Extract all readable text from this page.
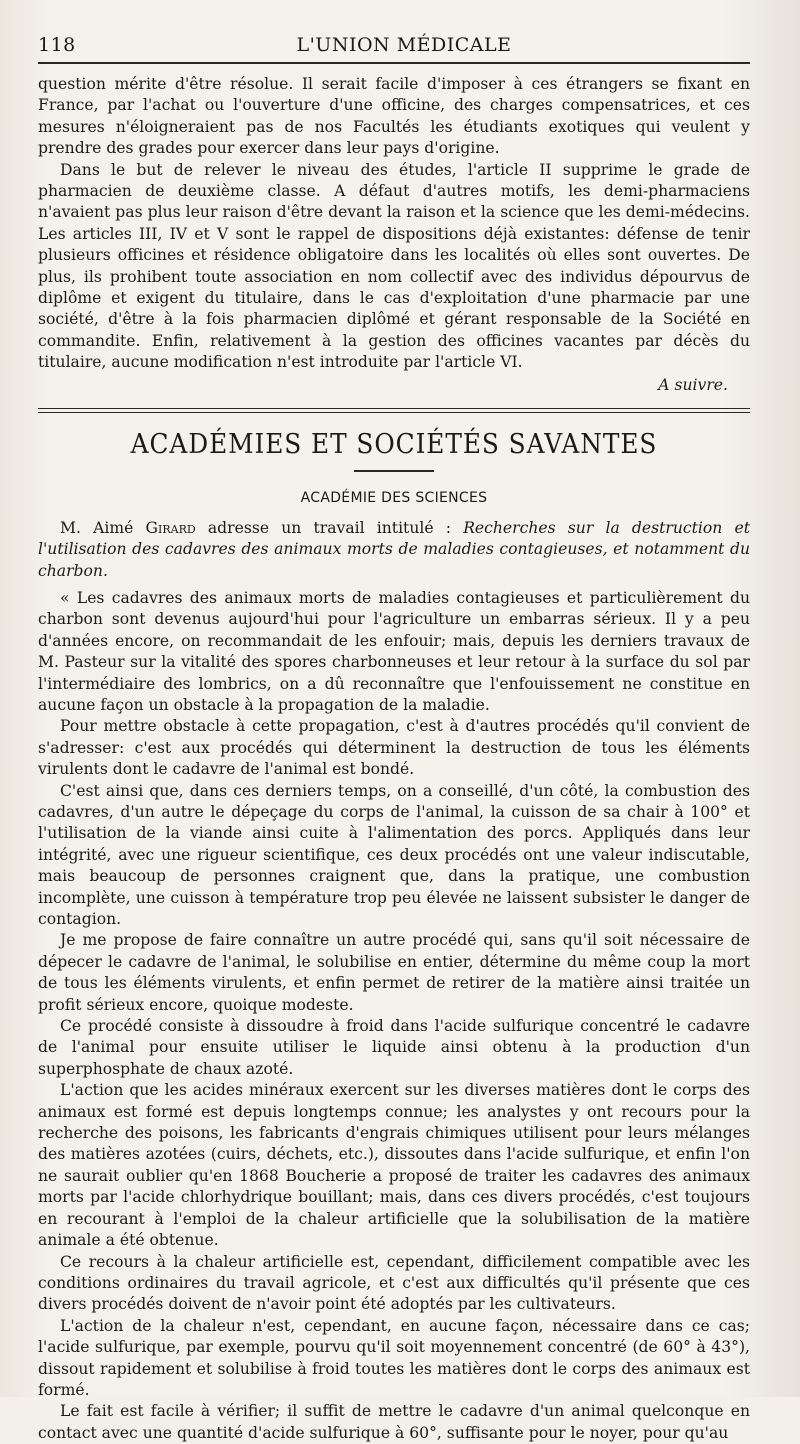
118	L'UNION MÉDICALE

question mérite d'être résolue. Il serait facile d'imposer à ces étrangers se fixant en France, par l'achat ou l'ouverture d'une officine, des charges compensatrices, et ces mesures n'éloigneraient pas de nos Facultés les étudiants exotiques qui veulent y prendre des grades pour exercer dans leur pays d'origine.

Dans le but de relever le niveau des études, l'article II supprime le grade de pharmacien de deuxième classe. A défaut d'autres motifs, les demi-pharmaciens n'avaient pas plus leur raison d'être devant la raison et la science que les demi-médecins. Les articles III, IV et V sont le rappel de dispositions déjà existantes: défense de tenir plusieurs officines et résidence obligatoire dans les localités où elles sont ouvertes. De plus, ils prohibent toute association en nom collectif avec des individus dépourvus de diplôme et exigent du titulaire, dans le cas d'exploitation d'une pharmacie par une société, d'être à la fois pharmacien diplômé et gérant responsable de la Société en commandite. Enfin, relativement à la gestion des officines vacantes par décès du titulaire, aucune modification n'est introduite par l'article VI.

A suivre.
ACADÉMIES ET SOCIÉTÉS SAVANTES
ACADÉMIE DES SCIENCES

M. Aimé Girard adresse un travail intitulé : Recherches sur la destruction et l'utilisation des cadavres des animaux morts de maladies contagieuses, et notamment du charbon.

« Les cadavres des animaux morts de maladies contagieuses et particulièrement du charbon sont devenus aujourd'hui pour l'agriculture un embarras sérieux. Il y a peu d'années encore, on recommandait de les enfouir; mais, depuis les derniers travaux de M. Pasteur sur la vitalité des spores charbonneuses et leur retour à la surface du sol par l'intermédiaire des lombrics, on a dû reconnaître que l'enfouissement ne constitue en aucune façon un obstacle à la propagation de la maladie.

Pour mettre obstacle à cette propagation, c'est à d'autres procédés qu'il convient de s'adresser: c'est aux procédés qui déterminent la destruction de tous les éléments virulents dont le cadavre de l'animal est bondé.

C'est ainsi que, dans ces derniers temps, on a conseillé, d'un côté, la combustion des cadavres, d'un autre le dépeçage du corps de l'animal, la cuisson de sa chair à 100° et l'utilisation de la viande ainsi cuite à l'alimentation des porcs. Appliqués dans leur intégrité, avec une rigueur scientifique, ces deux procédés ont une valeur indiscutable, mais beaucoup de personnes craignent que, dans la pratique, une combustion incomplète, une cuisson à température trop peu élevée ne laissent subsister le danger de contagion.

Je me propose de faire connaître un autre procédé qui, sans qu'il soit nécessaire de dépecer le cadavre de l'animal, le solubilise en entier, détermine du même coup la mort de tous les éléments virulents, et enfin permet de retirer de la matière ainsi traitée un profit sérieux encore, quoique modeste.

Ce procédé consiste à dissoudre à froid dans l'acide sulfurique concentré le cadavre de l'animal pour ensuite utiliser le liquide ainsi obtenu à la production d'un superphosphate de chaux azoté.

L'action que les acides minéraux exercent sur les diverses matières dont le corps des animaux est formé est depuis longtemps connue; les analystes y ont recours pour la recherche des poisons, les fabricants d'engrais chimiques utilisent pour leurs mélanges des matières azotées (cuirs, déchets, etc.), dissoutes dans l'acide sulfurique, et enfin l'on ne saurait oublier qu'en 1868 Boucherie a proposé de traiter les cadavres des animaux morts par l'acide chlorhydrique bouillant; mais, dans ces divers procédés, c'est toujours en recourant à l'emploi de la chaleur artificielle que la solubilisation de la matière animale a été obtenue.

Ce recours à la chaleur artificielle est, cependant, difficilement compatible avec les conditions ordinaires du travail agricole, et c'est aux difficultés qu'il présente que ces divers procédés doivent de n'avoir point été adoptés par les cultivateurs.

L'action de la chaleur n'est, cependant, en aucune façon, nécessaire dans ce cas; l'acide sulfurique, par exemple, pourvu qu'il soit moyennement concentré (de 60° à 43°), dissout rapidement et solubilise à froid toutes les matières dont le corps des animaux est formé.

Le fait est facile à vérifier; il suffit de mettre le cadavre d'un animal quelconque en contact avec une quantité d'acide sulfurique à 60°, suffisante pour le noyer, pour qu'au
